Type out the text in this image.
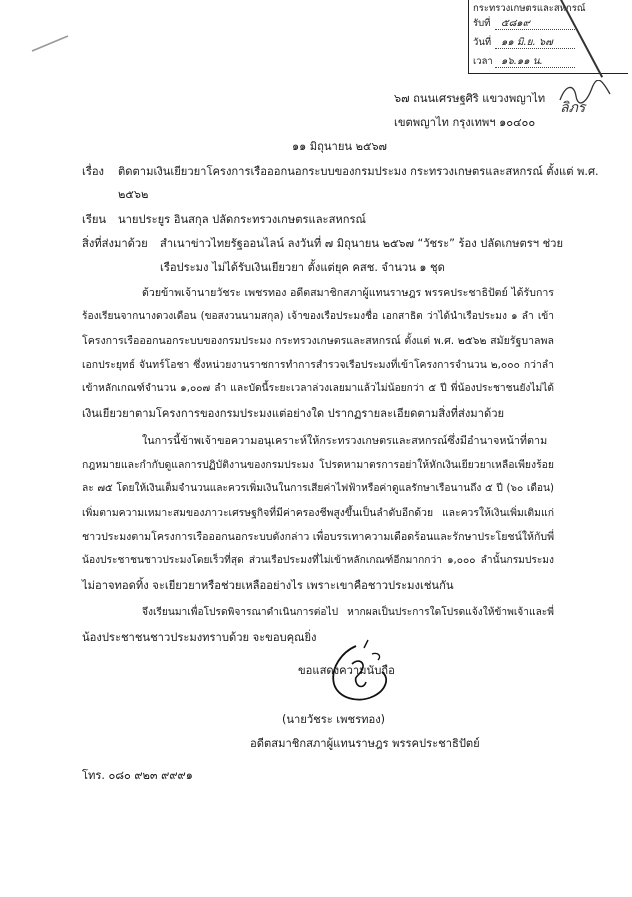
กระทรวงเกษตรและสหกรณ์
รับที่ ๕๘๑๙
วันที่ ๑๑ มิ.ย. ๖๗
เวลา ๑๖.๑๑ น.
ลิภร
๖๗ ถนนเศรษฐศิริ แขวงพญาไท
เขตพญาไท กรุงเทพฯ ๑๐๔๐๐
๑๑ มิถุนายน ๒๕๖๗
เรื่อง ติดตามเงินเยียวยาโครงการเรือออกนอกระบบของกรมประมง กระทรวงเกษตรและสหกรณ์ ตั้งแต่ พ.ศ.
๒๕๖๒
เรียน นายประยูร อินสกุล ปลัดกระทรวงเกษตรและสหกรณ์
สิ่งที่ส่งมาด้วย สำเนาข่าวไทยรัฐออนไลน์ ลงวันที่ ๗ มิถุนายน ๒๕๖๗ “วัชระ” ร้อง ปลัดเกษตรฯ ช่วย
เรือประมง ไม่ได้รับเงินเยียวยา ตั้งแต่ยุค คสช. จำนวน ๑ ชุด
ด้วยข้าพเจ้านายวัชระ เพชรทอง อดีตสมาชิกสภาผู้แทนราษฎร พรรคประชาธิปัตย์ ได้รับการ
ร้องเรียนจากนางดวงเดือน (ขอสงวนนามสกุล) เจ้าของเรือประมงชื่อ เอกสาธิต ว่าได้นำเรือประมง ๑ ลำ เข้า
โครงการเรือออกนอกระบบของกรมประมง กระทรวงเกษตรและสหกรณ์ ตั้งแต่ พ.ศ. ๒๕๖๒ สมัยรัฐบาลพล
เอกประยุทธ์ จันทร์โอชา ซึ่งหน่วยงานราชการทำการสำรวจเรือประมงที่เข้าโครงการจำนวน ๒,๐๐๐ กว่าลำ
เข้าหลักเกณฑ์จำนวน ๑,๐๐๗ ลำ และบัดนี้ระยะเวลาล่วงเลยมาแล้วไม่น้อยกว่า ๕ ปี พี่น้องประชาชนยังไม่ได้
เงินเยียวยาตามโครงการของกรมประมงแต่อย่างใด ปรากฏรายละเอียดตามสิ่งที่ส่งมาด้วย
ในการนี้ข้าพเจ้าขอความอนุเคราะห์ให้กระทรวงเกษตรและสหกรณ์ซึ่งมีอำนาจหน้าที่ตาม
กฎหมายและกำกับดูแลการปฏิบัติงานของกรมประมง โปรดหามาตรการอย่าให้หักเงินเยียวยาเหลือเพียงร้อย
ละ ๗๕ โดยให้เงินเต็มจำนวนและควรเพิ่มเงินในการเสียค่าไฟฟ้าหรือค่าดูแลรักษาเรือนานถึง ๕ ปี (๖๐ เดือน)
เพิ่มตามความเหมาะสมของภาวะเศรษฐกิจที่มีค่าครองชีพสูงขึ้นเป็นลำดับอีกด้วย และควรให้เงินเพิ่มเติมแก่
ชาวประมงตามโครงการเรือออกนอกระบบดังกล่าว เพื่อบรรเทาความเดือดร้อนและรักษาประโยชน์ให้กับพี่
น้องประชาชนชาวประมงโดยเร็วที่สุด ส่วนเรือประมงที่ไม่เข้าหลักเกณฑ์อีกมากกว่า ๑,๐๐๐ ลำนั้นกรมประมง
ไม่อาจทอดทิ้ง จะเยียวยาหรือช่วยเหลืออย่างไร เพราะเขาคือชาวประมงเช่นกัน
จึงเรียนมาเพื่อโปรดพิจารณาดำเนินการต่อไป หากผลเป็นประการใดโปรดแจ้งให้ข้าพเจ้าและพี่
น้องประชาชนชาวประมงทราบด้วย จะขอบคุณยิ่ง
ขอแสดงความนับถือ
(นายวัชระ เพชรทอง)
อดีตสมาชิกสภาผู้แทนราษฎร พรรคประชาธิปัตย์
โทร. ๐๘๐ ๙๒๓ ๙๙๙๑
